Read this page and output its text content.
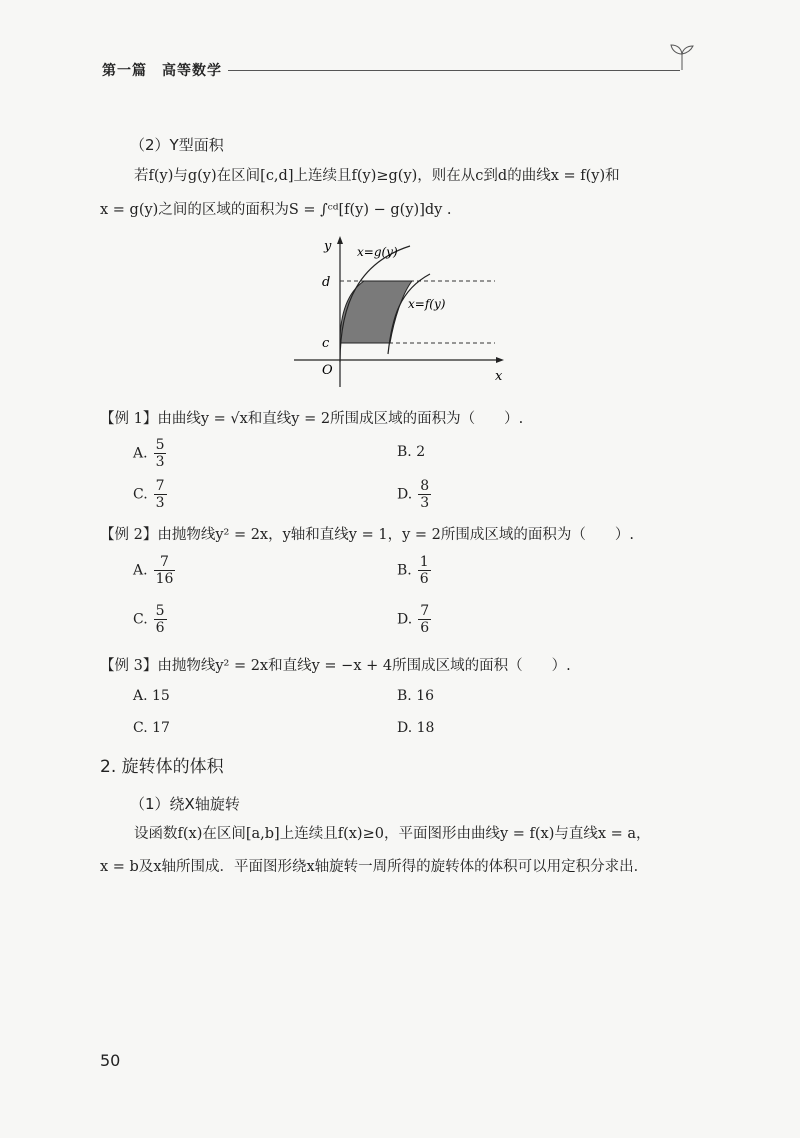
第一篇　高等数学
（2）Y型面积
若f(y)与g(y)在区间[c,d]上连续且f(y)≥g(y)，则在从c到d的曲线x = f(y)和
x = g(y)之间的区域的面积为S = ∫ᶜᵈ[f(y) − g(y)]dy .
y
x
O
d
c
x=g(y)
x=f(y)
【例 1】由曲线y = √x和直线y = 2所围成区域的面积为（　　）.
A. $\frac{5}{3}$	B. 2
C. $\frac{7}{3}$	D. $\frac{8}{3}$
【例 2】由抛物线y² = 2x，y轴和直线y = 1，y = 2所围成区域的面积为（　　）.
A. $\frac{7}{16}$	B. $\frac{1}{6}$
C. $\frac{5}{6}$	D. $\frac{7}{6}$
【例 3】由抛物线y² = 2x和直线y = −x + 4所围成区域的面积（　　）.
A. 15	B. 16
C. 17	D. 18
2. 旋转体的体积
（1）绕X轴旋转
设函数f(x)在区间[a,b]上连续且f(x)≥0，平面图形由曲线y = f(x)与直线x = a，
x = b及x轴所围成．平面图形绕x轴旋转一周所得的旋转体的体积可以用定积分求出．
50
